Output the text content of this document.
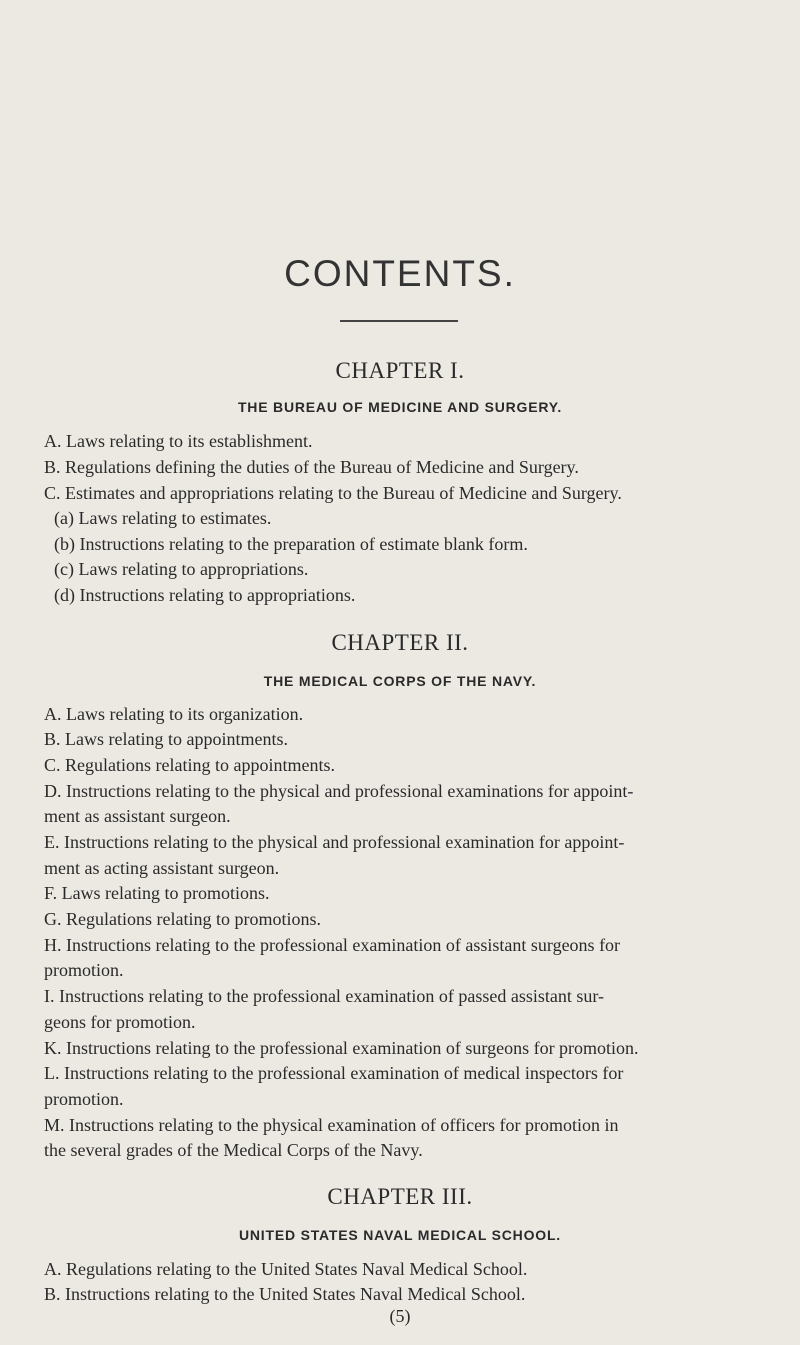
CONTENTS.
CHAPTER I.
THE BUREAU OF MEDICINE AND SURGERY.
A. Laws relating to its establishment.
B. Regulations defining the duties of the Bureau of Medicine and Surgery.
C. Estimates and appropriations relating to the Bureau of Medicine and Surgery.
(a) Laws relating to estimates.
(b) Instructions relating to the preparation of estimate blank form.
(c) Laws relating to appropriations.
(d) Instructions relating to appropriations.
CHAPTER II.
THE MEDICAL CORPS OF THE NAVY.
A. Laws relating to its organization.
B. Laws relating to appointments.
C. Regulations relating to appointments.
D. Instructions relating to the physical and professional examinations for appoint-
ment as assistant surgeon.
E. Instructions relating to the physical and professional examination for appoint-
ment as acting assistant surgeon.
F. Laws relating to promotions.
G. Regulations relating to promotions.
H. Instructions relating to the professional examination of assistant surgeons for
promotion.
I. Instructions relating to the professional examination of passed assistant sur-
geons for promotion.
K. Instructions relating to the professional examination of surgeons for promotion.
L. Instructions relating to the professional examination of medical inspectors for
promotion.
M. Instructions relating to the physical examination of officers for promotion in
the several grades of the Medical Corps of the Navy.
CHAPTER III.
UNITED STATES NAVAL MEDICAL SCHOOL.
A. Regulations relating to the United States Naval Medical School.
B. Instructions relating to the United States Naval Medical School.
(5)
